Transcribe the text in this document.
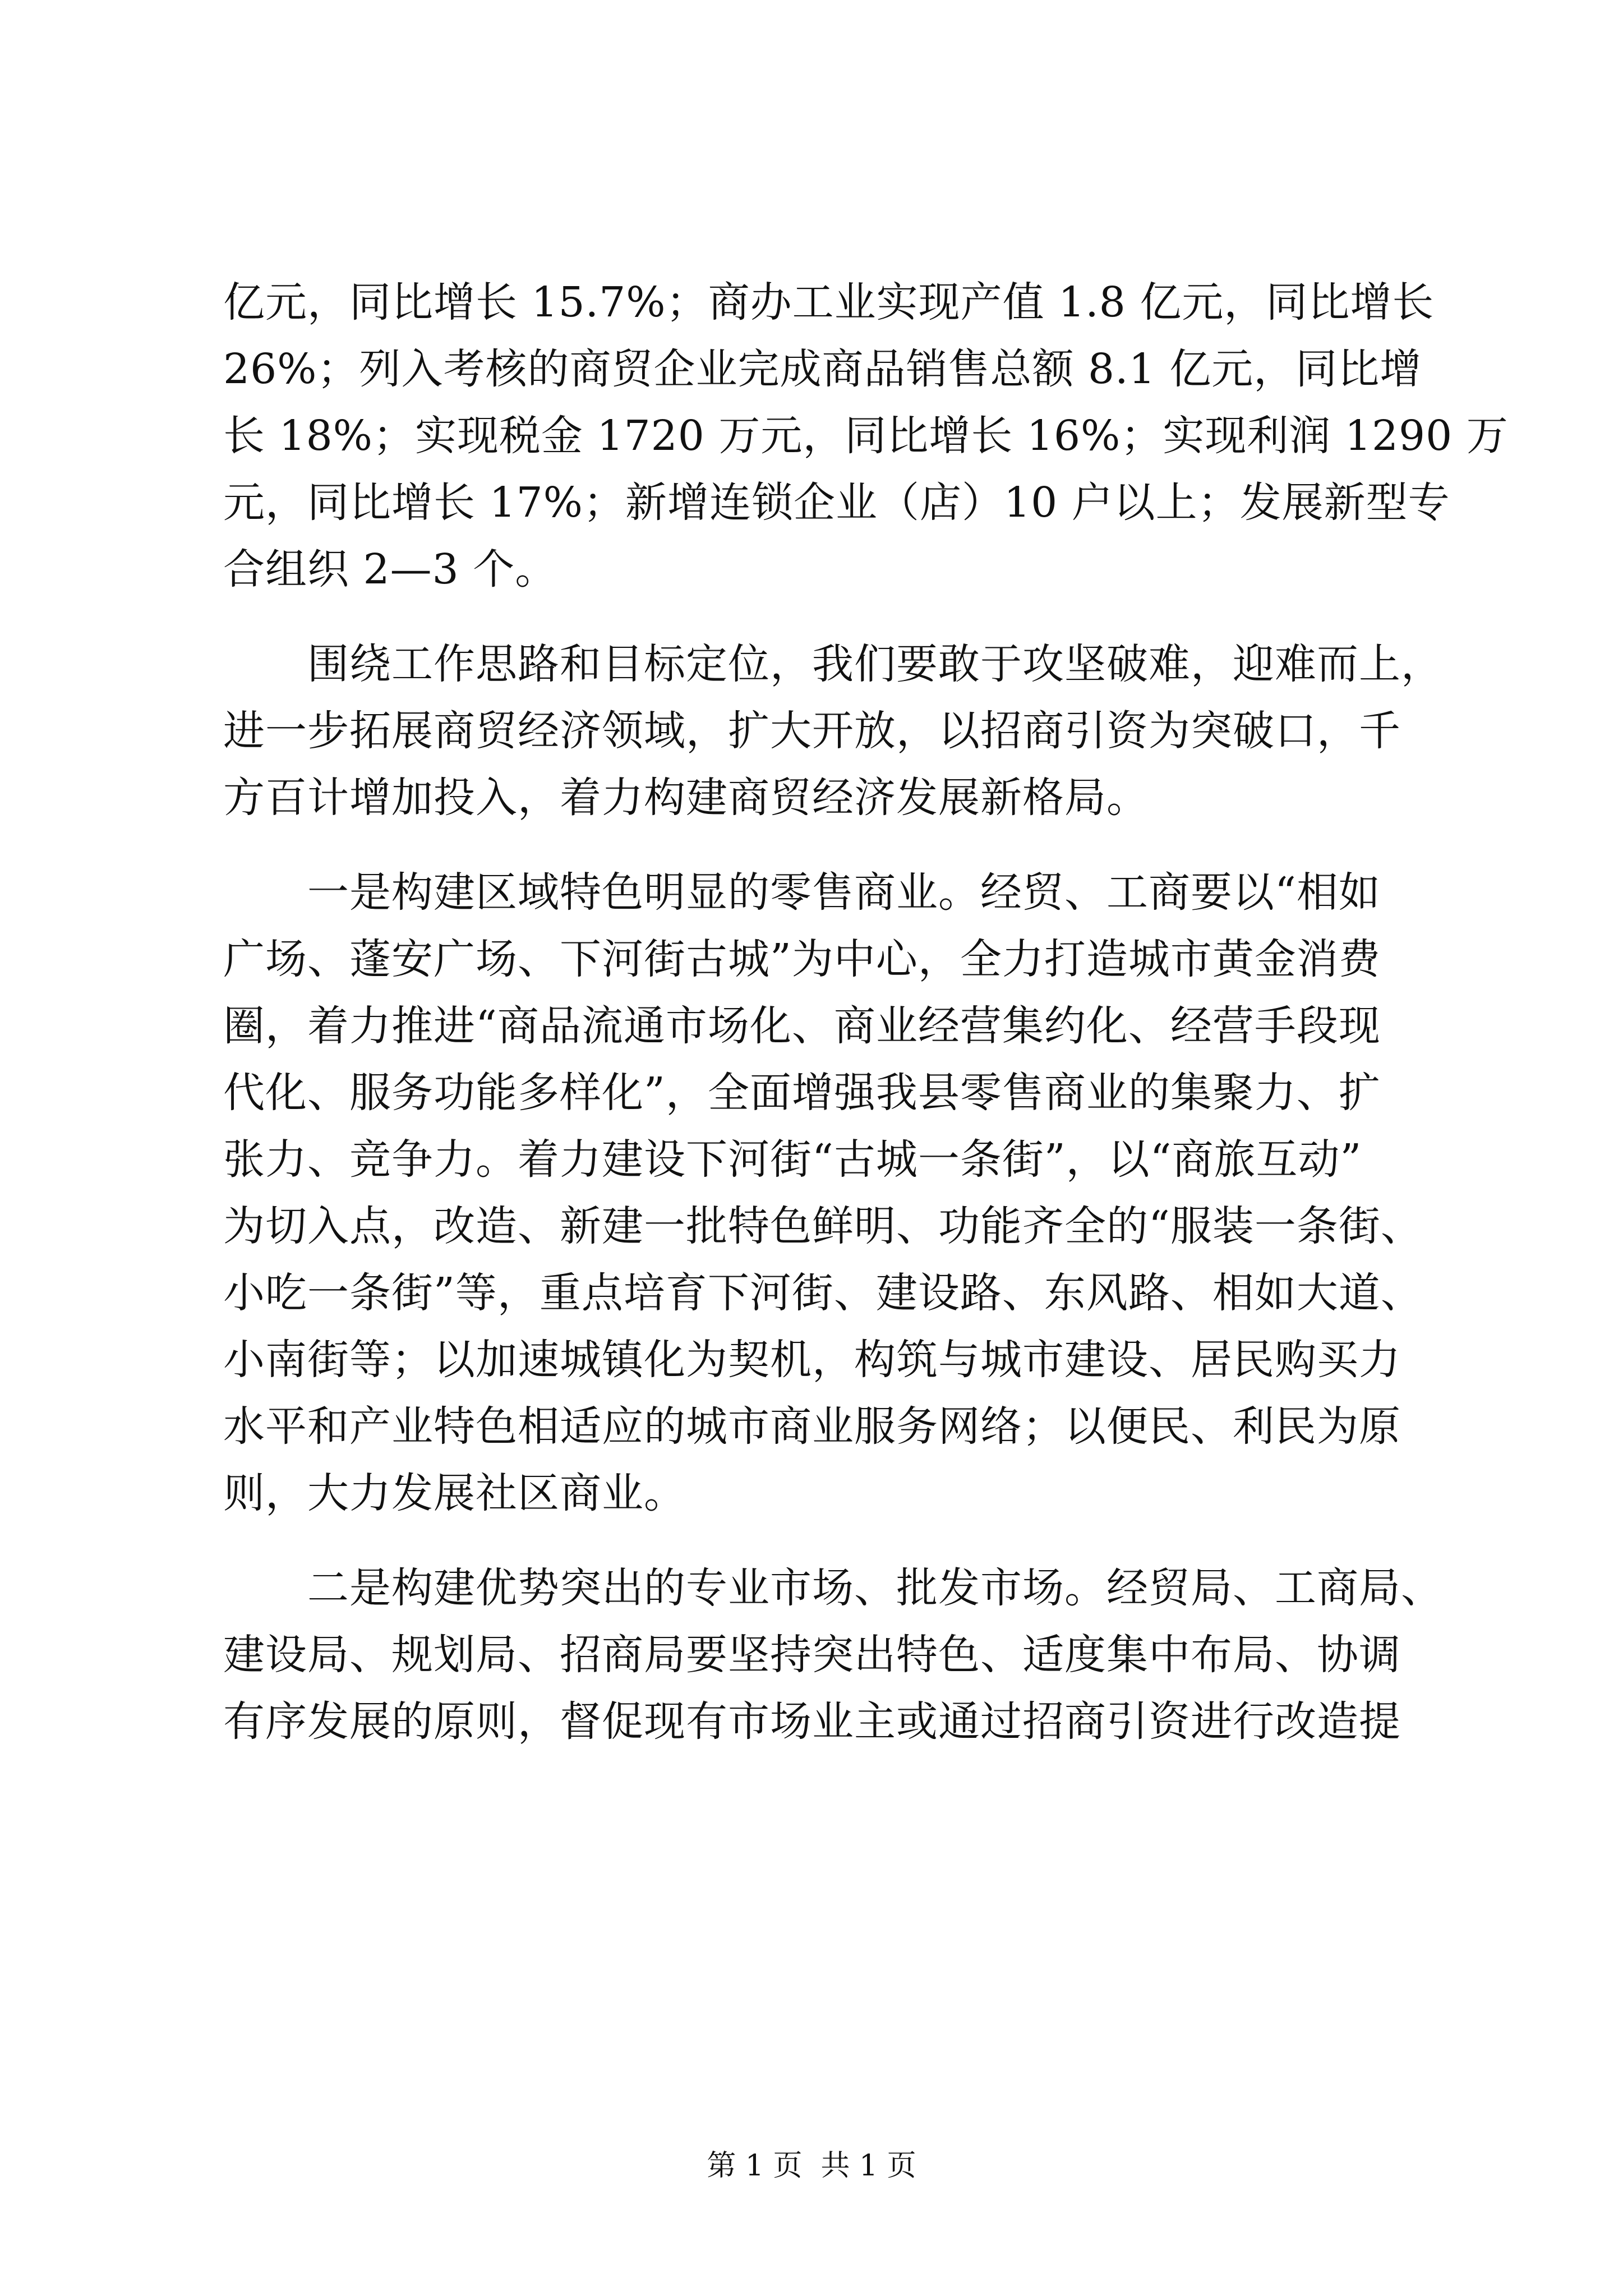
亿元，同比增长 15.7%；商办工业实现产值 1.8 亿元，同比增长
26%；列入考核的商贸企业完成商品销售总额 8.1 亿元，同比增
长 18%；实现税金 1720 万元，同比增长 16%；实现利润 1290 万
元，同比增长 17%；新增连锁企业（店）10 户以上；发展新型专
合组织 2—3 个。
　　围绕工作思路和目标定位，我们要敢于攻坚破难，迎难而上，
进一步拓展商贸经济领域，扩大开放，以招商引资为突破口，千
方百计增加投入，着力构建商贸经济发展新格局。
　　一是构建区域特色明显的零售商业。经贸、工商要以“相如
广场、蓬安广场、下河街古城”为中心，全力打造城市黄金消费
圈，着力推进“商品流通市场化、商业经营集约化、经营手段现
代化、服务功能多样化”，全面增强我县零售商业的集聚力、扩
张力、竞争力。着力建设下河街“古城一条街”，以“商旅互动”
为切入点，改造、新建一批特色鲜明、功能齐全的“服装一条街、
小吃一条街”等，重点培育下河街、建设路、东风路、相如大道、
小南街等；以加速城镇化为契机，构筑与城市建设、居民购买力
水平和产业特色相适应的城市商业服务网络；以便民、利民为原
则，大力发展社区商业。
　　二是构建优势突出的专业市场、批发市场。经贸局、工商局、
建设局、规划局、招商局要坚持突出特色、适度集中布局、协调
有序发展的原则，督促现有市场业主或通过招商引资进行改造提
第 1 页  共 1 页
